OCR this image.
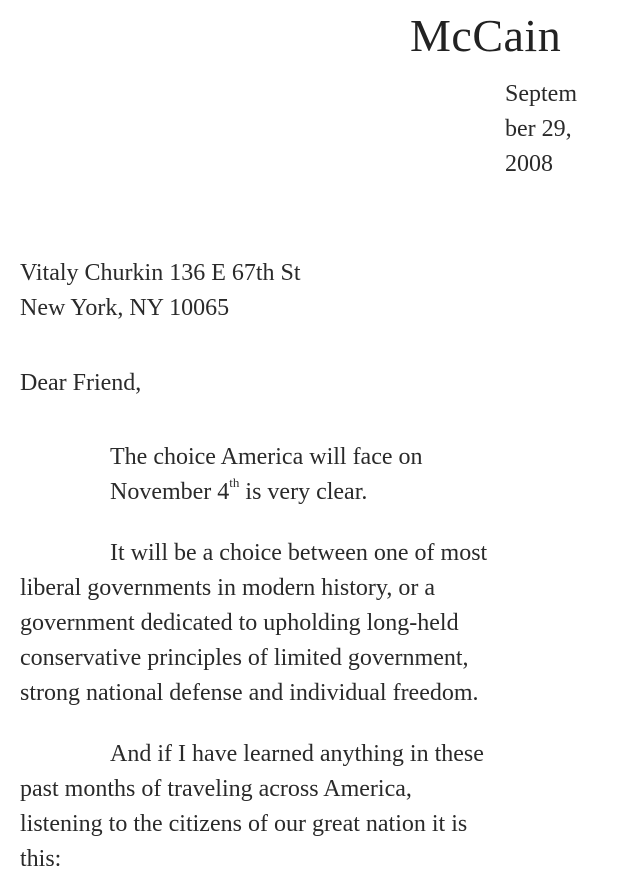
McCain
Septem
ber 29,
2008
Vitaly Churkin 136 E 67th St
New York, NY 10065
Dear Friend,

The choice America will face on
November 4th is very clear.

It will be a choice between one of most
liberal governments in modern history, or a
government dedicated to upholding long-held
conservative principles of limited government,
strong national defense and individual freedom.

And if I have learned anything in these
past months of traveling across America,
listening to the citizens of our great nation it is
this:
